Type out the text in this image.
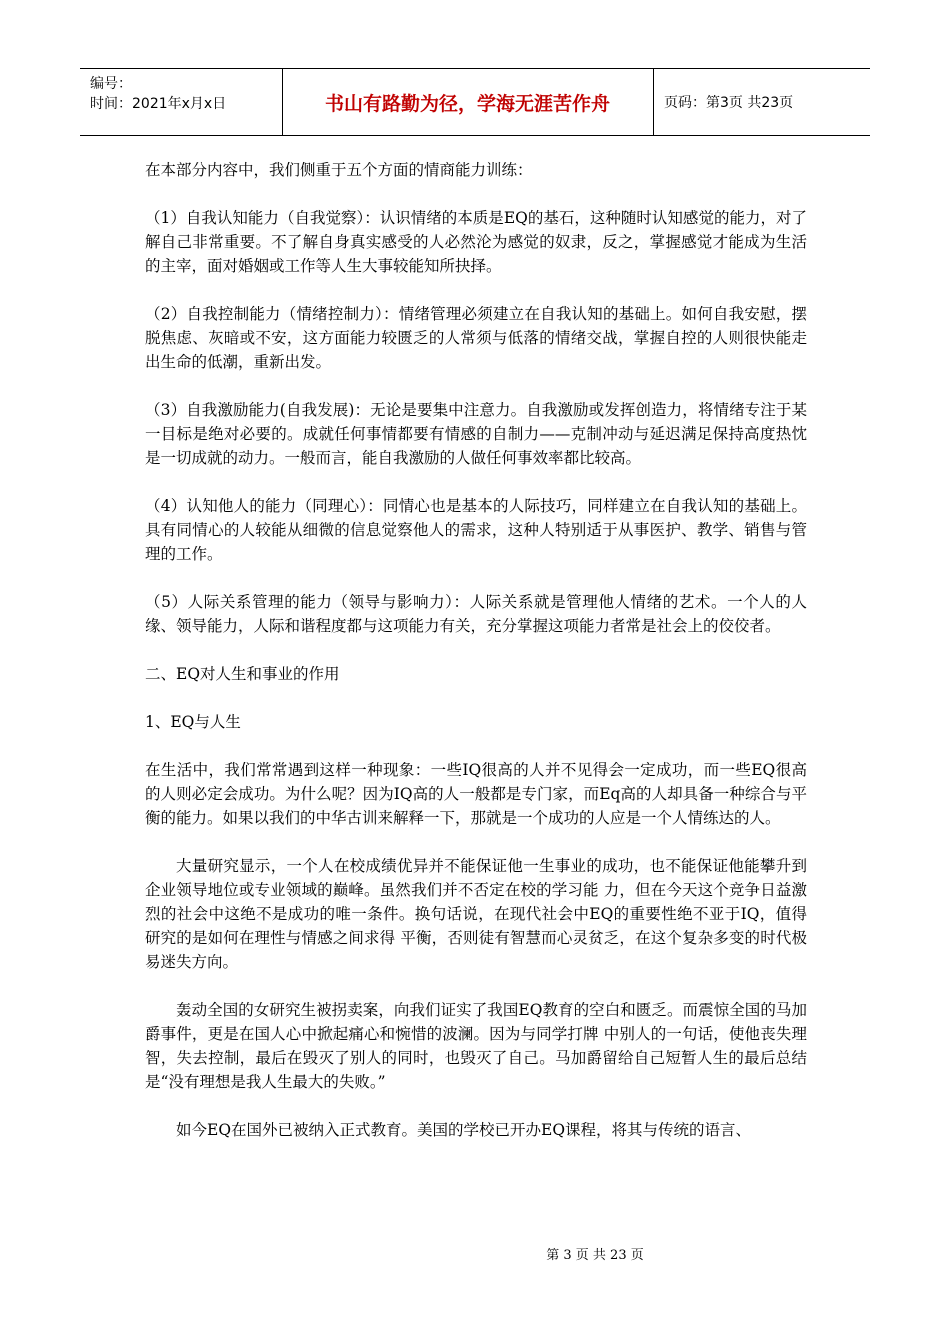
编号：
时间：2021年x月x日	书山有路勤为径，学海无涯苦作舟	页码：第3页 共23页

在本部分内容中，我们侧重于五个方面的情商能力训练：

（1）自我认知能力（自我觉察）：认识情绪的本质是EQ的基石，这种随时认知感觉的能力，对了解自己非常重要。不了解自身真实感受的人必然沦为感觉的奴隶，反之，掌握感觉才能成为生活的主宰，面对婚姻或工作等人生大事较能知所抉择。

（2）自我控制能力（情绪控制力）：情绪管理必须建立在自我认知的基础上。如何自我安慰，摆脱焦虑、灰暗或不安，这方面能力较匮乏的人常须与低落的情绪交战，掌握自控的人则很快能走出生命的低潮，重新出发。

（3）自我激励能力(自我发展)：无论是要集中注意力。自我激励或发挥创造力，将情绪专注于某一目标是绝对必要的。成就任何事情都要有情感的自制力——克制冲动与延迟满足保持高度热忱是一切成就的动力。一般而言，能自我激励的人做任何事效率都比较高。

（4）认知他人的能力（同理心）：同情心也是基本的人际技巧，同样建立在自我认知的基础上。具有同情心的人较能从细微的信息觉察他人的需求，这种人特别适于从事医护、教学、销售与管理的工作。

（5）人际关系管理的能力（领导与影响力）：人际关系就是管理他人情绪的艺术。一个人的人缘、领导能力，人际和谐程度都与这项能力有关，充分掌握这项能力者常是社会上的佼佼者。

二、EQ对人生和事业的作用

1、EQ与人生

在生活中，我们常常遇到这样一种现象：一些IQ很高的人并不见得会一定成功，而一些EQ很高的人则必定会成功。为什么呢？因为IQ高的人一般都是专门家，而Eq高的人却具备一种综合与平衡的能力。如果以我们的中华古训来解释一下，那就是一个成功的人应是一个人情练达的人。

大量研究显示，一个人在校成绩优异并不能保证他一生事业的成功，也不能保证他能攀升到企业领导地位或专业领域的巅峰。虽然我们并不否定在校的学习能 力，但在今天这个竞争日益激烈的社会中这绝不是成功的唯一条件。换句话说，在现代社会中EQ的重要性绝不亚于IQ，值得研究的是如何在理性与情感之间求得 平衡，否则徒有智慧而心灵贫乏，在这个复杂多变的时代极易迷失方向。

轰动全国的女研究生被拐卖案，向我们证实了我国EQ教育的空白和匮乏。而震惊全国的马加爵事件，更是在国人心中掀起痛心和惋惜的波澜。因为与同学打牌 中别人的一句话，使他丧失理智，失去控制，最后在毁灭了别人的同时，也毁灭了自己。马加爵留给自己短暂人生的最后总结是“没有理想是我人生最大的失败。”

如今EQ在国外已被纳入正式教育。美国的学校已开办EQ课程，将其与传统的语言、

第 3 页 共 23 页
